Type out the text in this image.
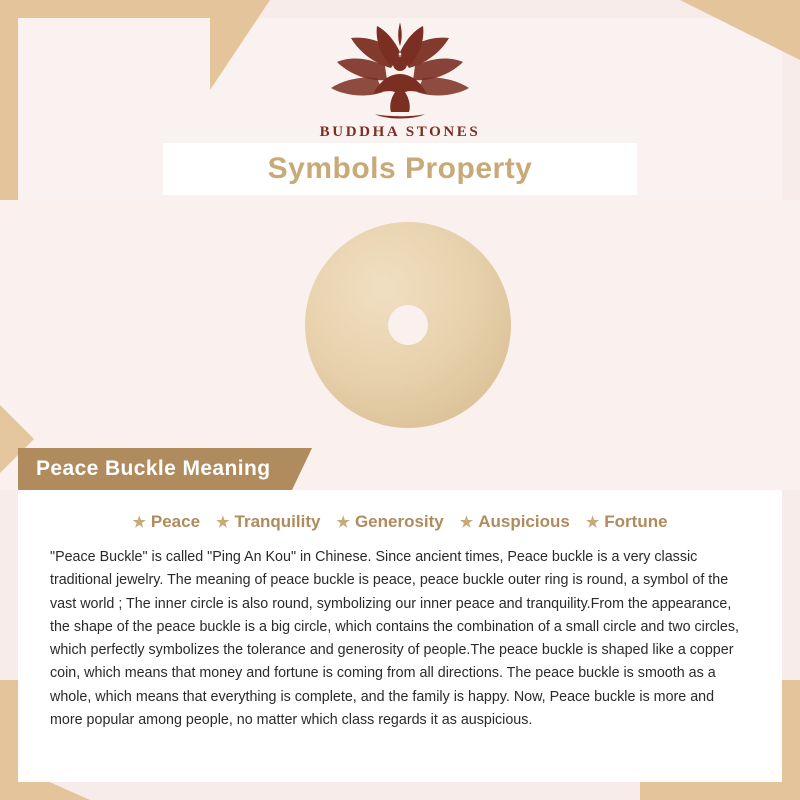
BUDDHA STONES
Symbols Property
Peace Buckle Meaning
★ Peace ★ Tranquility ★ Generosity ★ Auspicious ★ Fortune

"Peace Buckle" is called "Ping An Kou" in Chinese. Since ancient times, Peace buckle is a very classic traditional jewelry. The meaning of peace buckle is peace, peace buckle outer ring is round, a symbol of the vast world ; The inner circle is also round, symbolizing our inner peace and tranquility.From the appearance, the shape of the peace buckle is a big circle, which contains the combination of a small circle and two circles, which perfectly symbolizes the tolerance and generosity of people.The peace buckle is shaped like a copper coin, which means that money and fortune is coming from all directions. The peace buckle is smooth as a whole, which means that everything is complete, and the family is happy. Now, Peace buckle is more and more popular among people, no matter which class regards it as auspicious.
